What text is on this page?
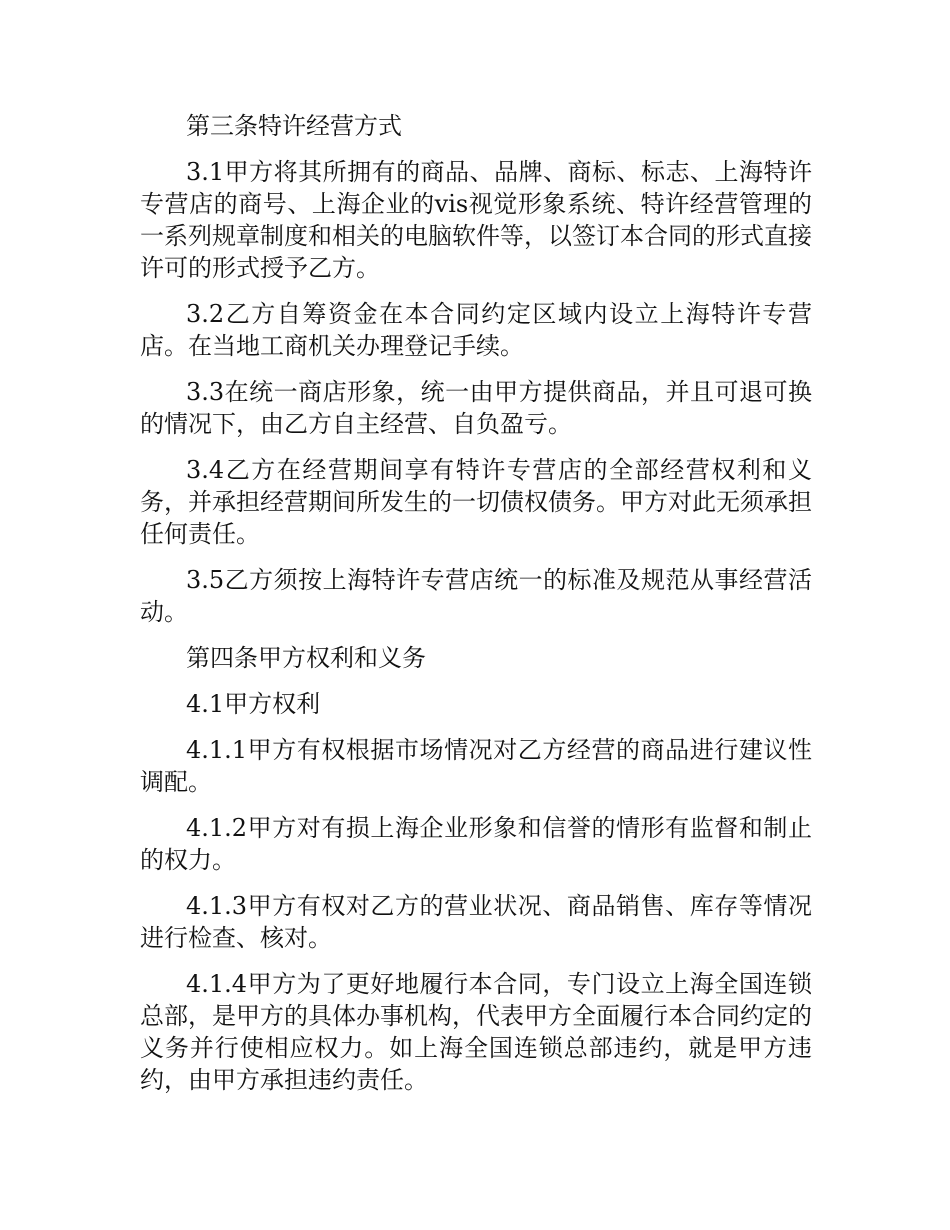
第三条特许经营方式

3.1甲方将其所拥有的商品、品牌、商标、标志、上海特许专营店的商号、上海企业的vis视觉形象系统、特许经营管理的一系列规章制度和相关的电脑软件等，以签订本合同的形式直接许可的形式授予乙方。

3.2乙方自筹资金在本合同约定区域内设立上海特许专营店。在当地工商机关办理登记手续。

3.3在统一商店形象，统一由甲方提供商品，并且可退可换的情况下，由乙方自主经营、自负盈亏。

3.4乙方在经营期间享有特许专营店的全部经营权利和义务，并承担经营期间所发生的一切债权债务。甲方对此无须承担任何责任。

3.5乙方须按上海特许专营店统一的标准及规范从事经营活动。

第四条甲方权利和义务

4.1甲方权利

4.1.1甲方有权根据市场情况对乙方经营的商品进行建议性调配。

4.1.2甲方对有损上海企业形象和信誉的情形有监督和制止的权力。

4.1.3甲方有权对乙方的营业状况、商品销售、库存等情况进行检查、核对。

4.1.4甲方为了更好地履行本合同，专门设立上海全国连锁总部，是甲方的具体办事机构，代表甲方全面履行本合同约定的义务并行使相应权力。如上海全国连锁总部违约，就是甲方违约，由甲方承担违约责任。
